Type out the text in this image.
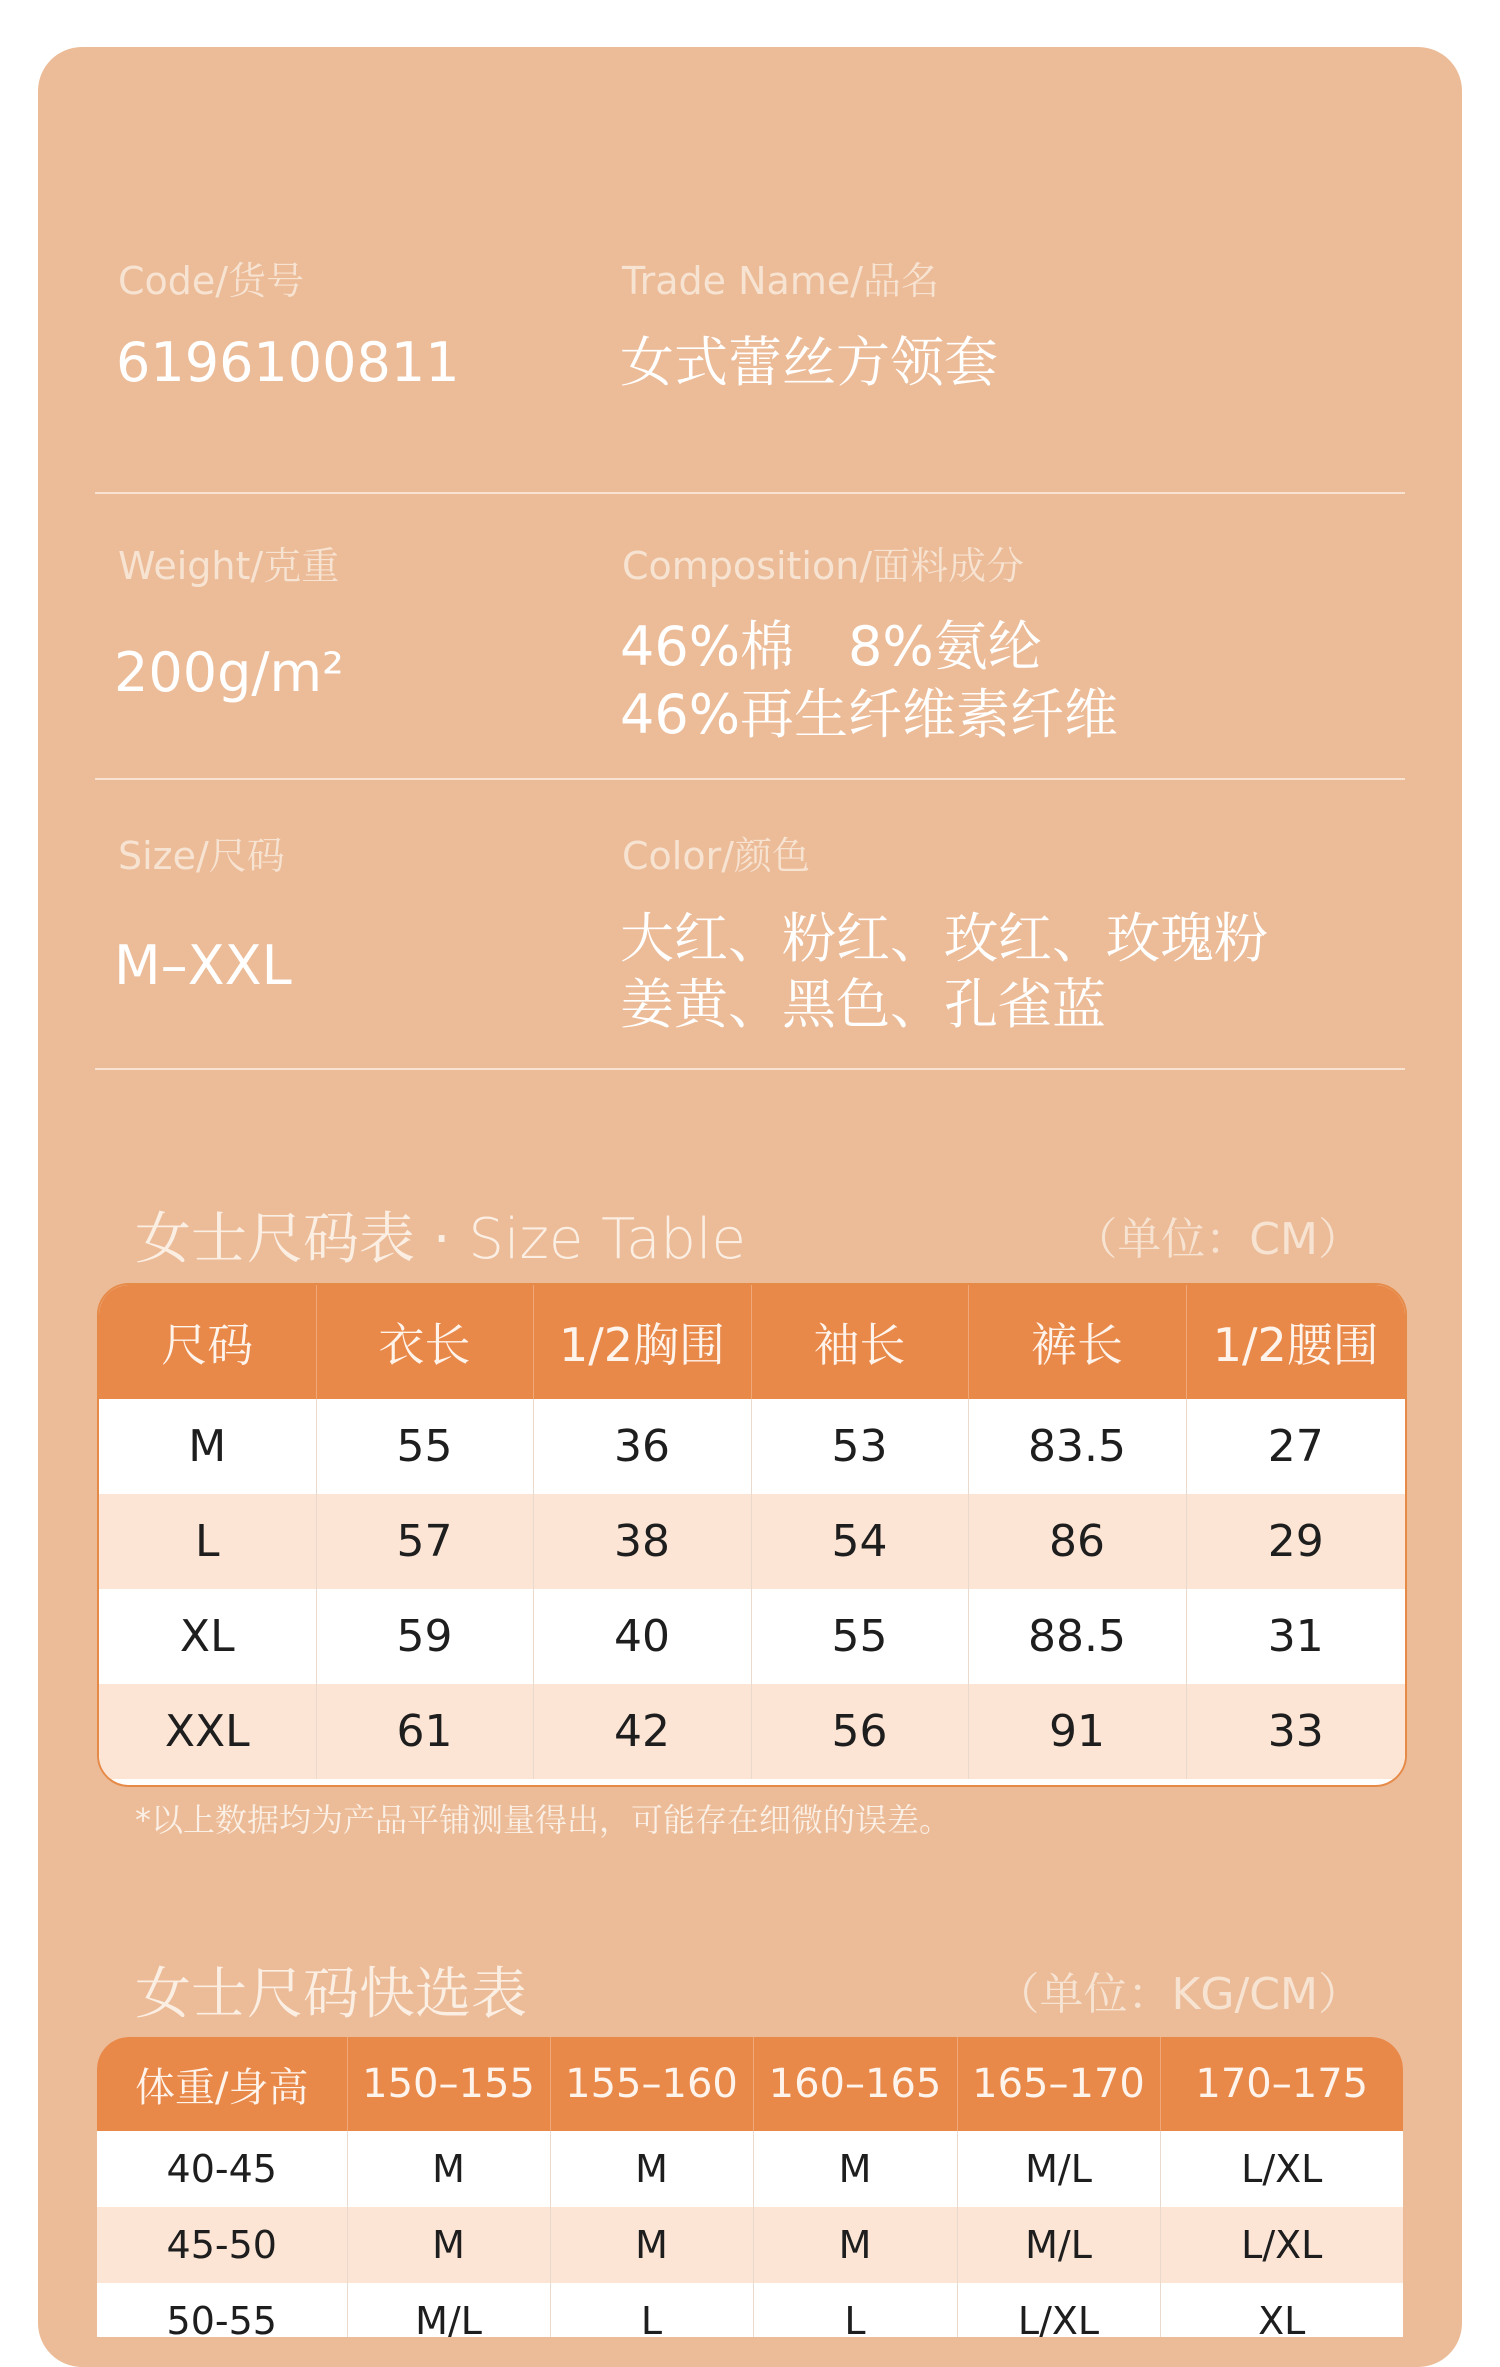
Code/货号
6196100811
Trade Name/品名
女式蕾丝方领套
Weight/克重
200g/m²
Composition/面料成分
46%棉　8%氨纶
46%再生纤维素纤维
Size/尺码
M–XXL
Color/颜色
大红、粉红、玫红、玫瑰粉
姜黄、黑色、孔雀蓝
女士尺码表 · Size Table	（单位：CM）
尺码	衣长	1/2胸围	袖长	裤长	1/2腰围
M	55	36	53	83.5	27
L	57	38	54	86	29
XL	59	40	55	88.5	31
XXL	61	42	56	91	33
*以上数据均为产品平铺测量得出，可能存在细微的误差。
女士尺码快选表	（单位：KG/CM）
体重/身高	150–155	155–160	160–165	165–170	170–175
40-45	M	M	M	M/L	L/XL
45-50	M	M	M	M/L	L/XL
50-55	M/L	L	L	L/XL	XL
